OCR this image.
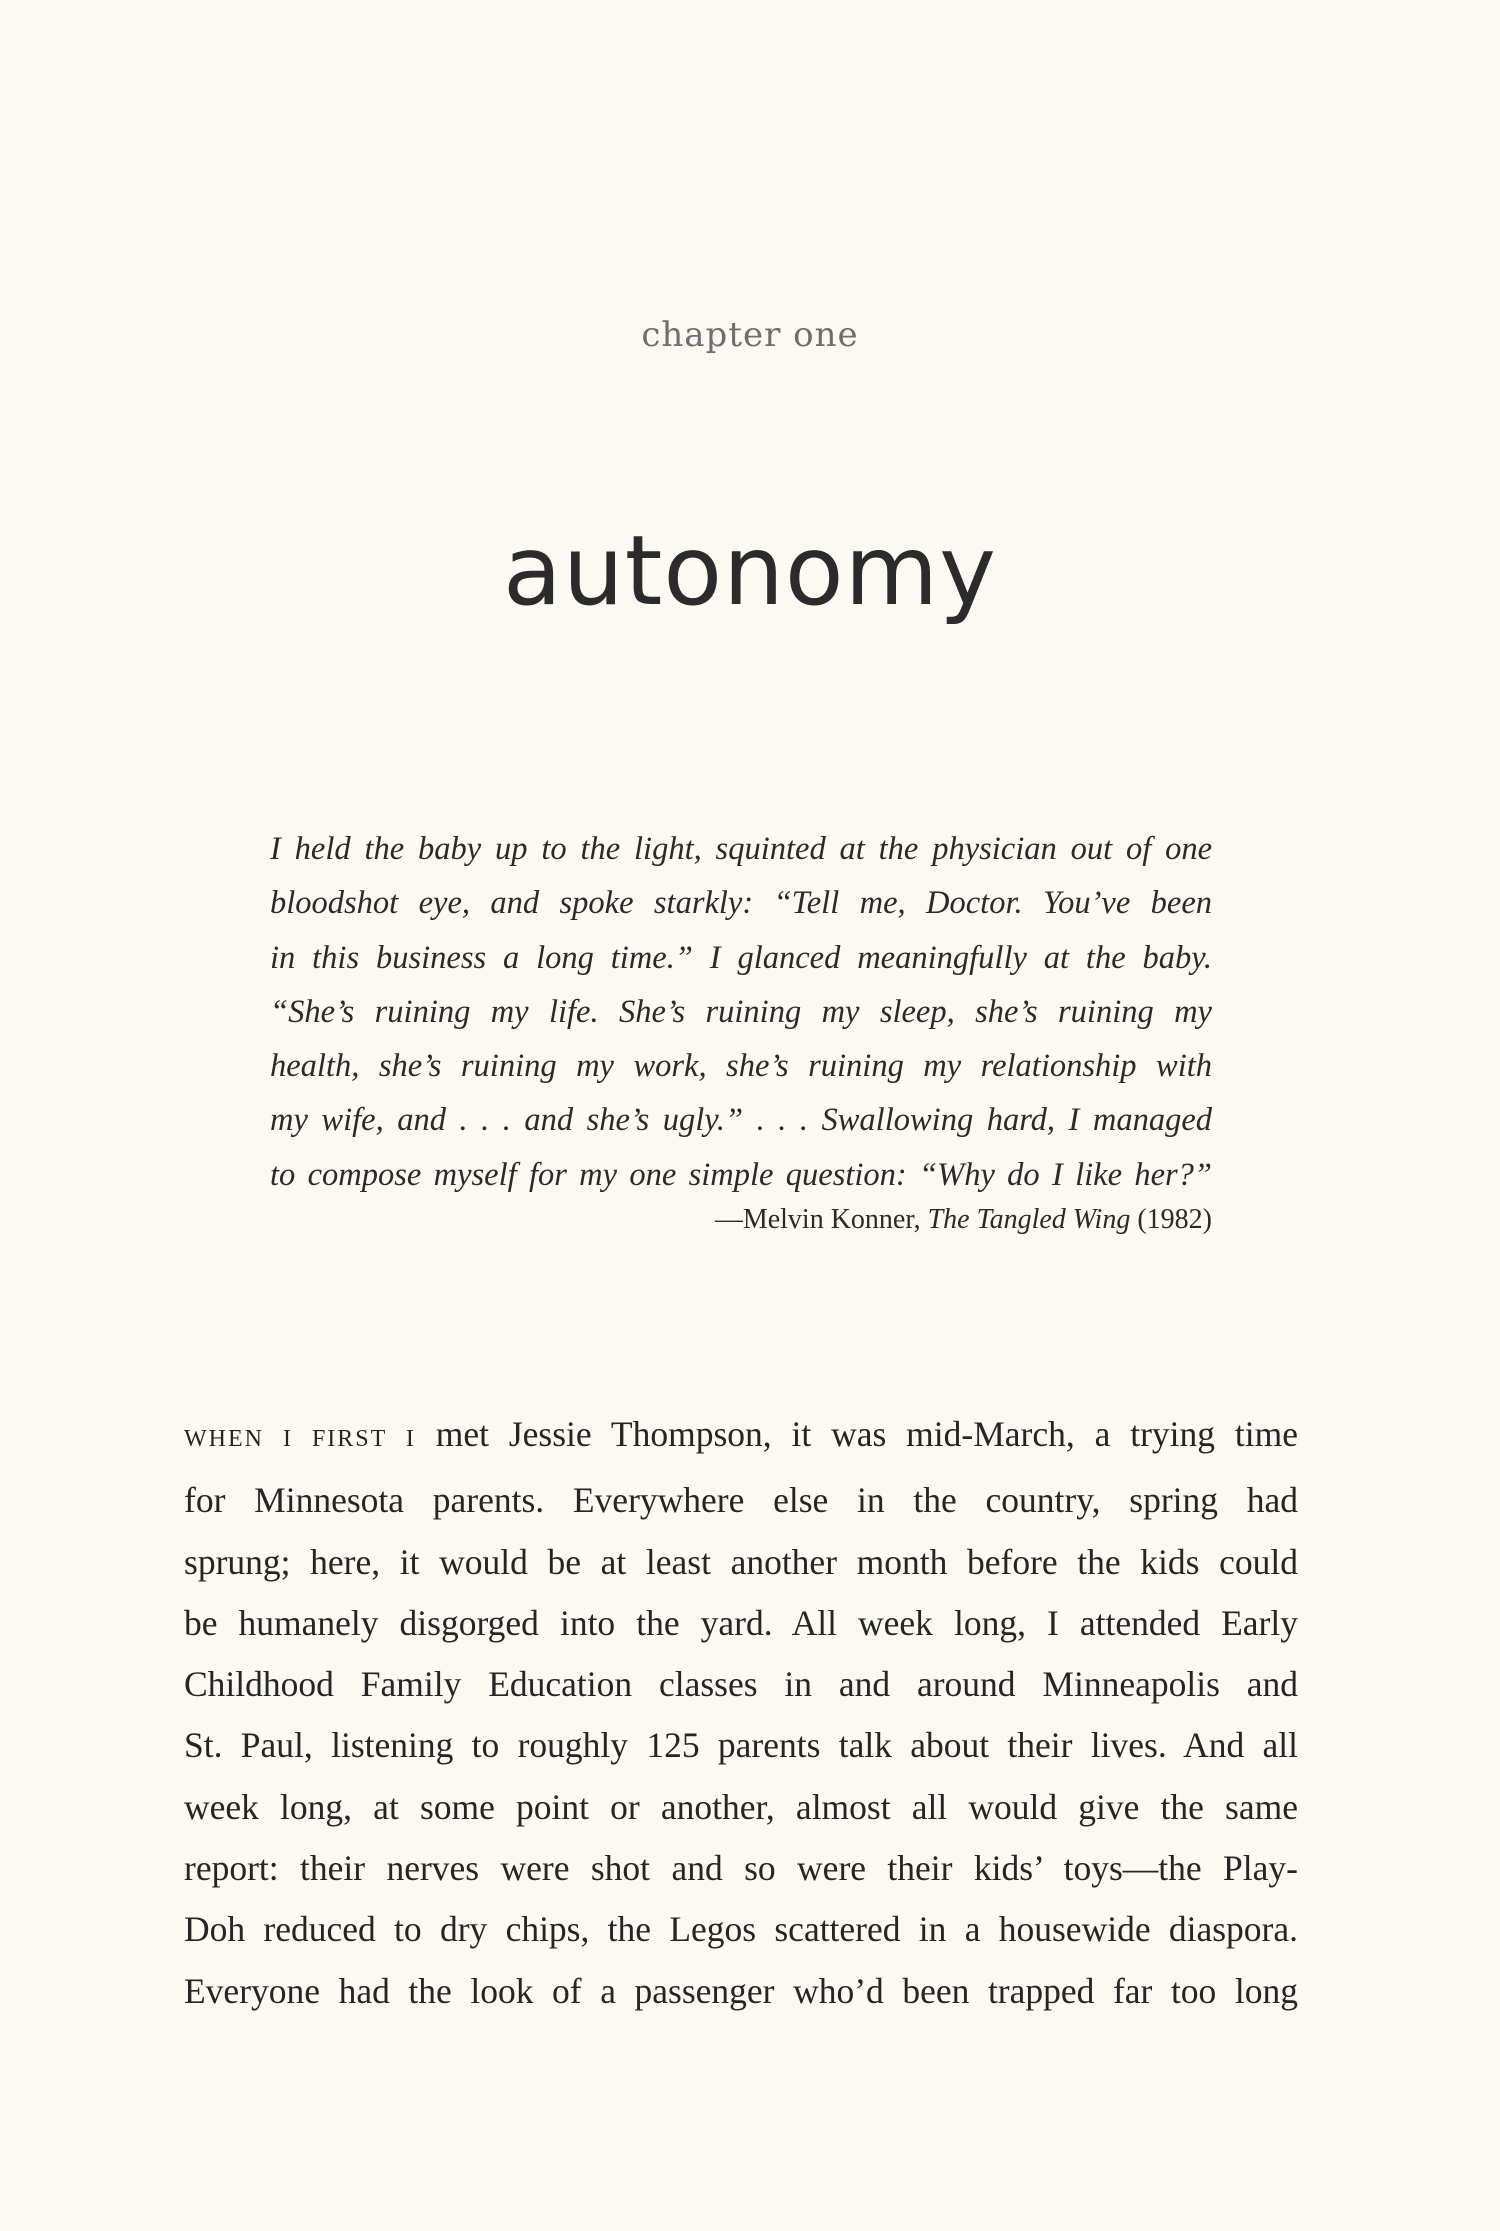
chapter one
autonomy
I held the baby up to the light, squinted at the physician out of one
bloodshot eye, and spoke starkly: “Tell me, Doctor. You’ve been
in this business a long time.” I glanced meaningfully at the baby.
“She’s ruining my life. She’s ruining my sleep, she’s ruining my
health, she’s ruining my work, she’s ruining my relationship with
my wife, and . . . and she’s ugly.” . . . Swallowing hard, I managed
to compose myself for my one simple question: “Why do I like her?”
—Melvin Konner, The Tangled Wing (1982)
WHEN I FIRST I met Jessie Thompson, it was mid-March, a trying time
for Minnesota parents. Everywhere else in the country, spring had
sprung; here, it would be at least another month before the kids could
be humanely disgorged into the yard. All week long, I attended Early
Childhood Family Education classes in and around Minneapolis and
St. Paul, listening to roughly 125 parents talk about their lives. And all
week long, at some point or another, almost all would give the same
report: their nerves were shot and so were their kids’ toys—the Play-
Doh reduced to dry chips, the Legos scattered in a housewide diaspora.
Everyone had the look of a passenger who’d been trapped far too long
